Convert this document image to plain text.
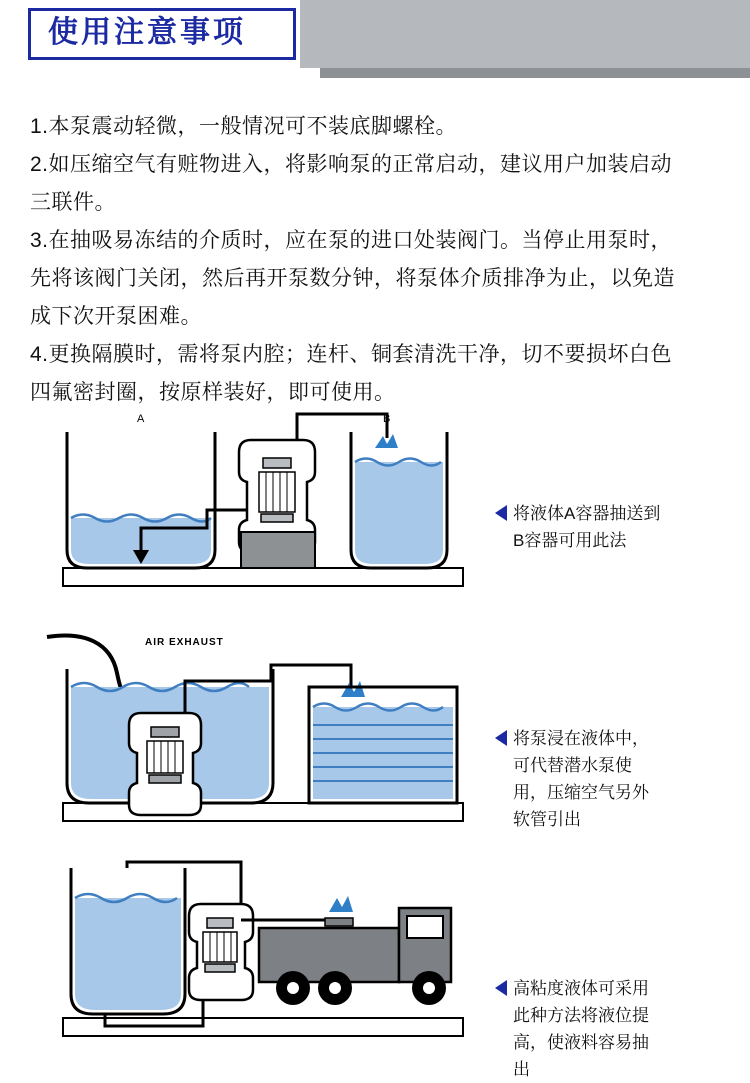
使用注意事项
1.本泵震动轻微，一般情况可不装底脚螺栓。
2.如压缩空气有赃物进入，将影响泵的正常启动，建议用户加装启动
三联件。
3.在抽吸易冻结的介质时，应在泵的进口处装阀门。当停止用泵时，
先将该阀门关闭，然后再开泵数分钟，将泵体介质排净为止，以免造
成下次开泵困难。
4.更换隔膜时，需将泵内腔；连杆、铜套清洗干净，切不要损坏白色
四氟密封圈，按原样装好，即可使用。
A	B
将液体A容器抽送到B容器可用此法
AIR EXHAUST
将泵浸在液体中，可代替潜水泵使用，压缩空气另外软管引出
高粘度液体可采用此种方法将液位提高，使液料容易抽出
